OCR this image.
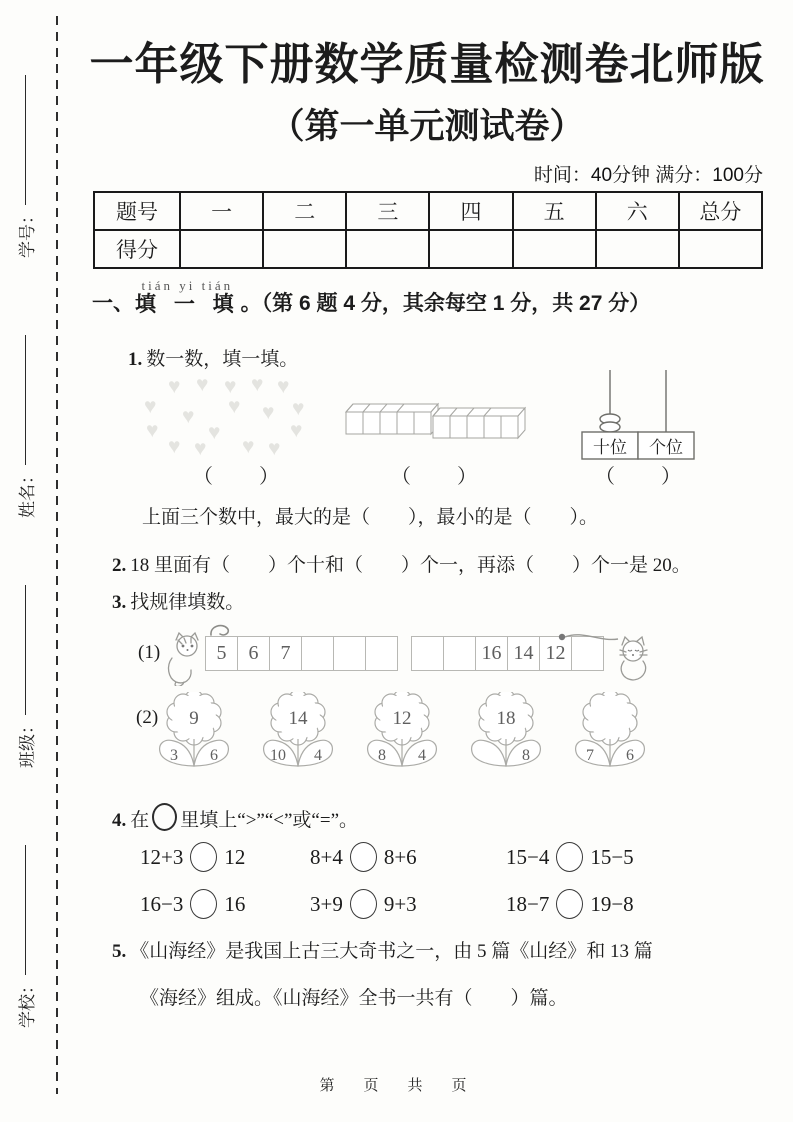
学号：
姓名：
班级：
学校：
一年级下册数学质量检测卷北师版
（第一单元测试卷）
时间：40分钟 满分：100分
题号	一	二	三	四	五	六	总分
得分							
一、
tián yi tián
填 一 填 。（第 6 题 4 分，其余每空 1 分，共 27 分）
1. 数一数，填一填。
♥ ♥ ♥ ♥ ♥
♥ ♥ ♥ ♥ ♥
♥ ♥	♥
♥ ♥ ♥ ♥	十位 个位
（　　）	（　　）	（　　）
上面三个数中，最大的是（　　），最小的是（　　）。
2. 18 里面有（　　）个十和（　　）个一，再添（　　）个一是 20。
3. 找规律填数。
(1)	5	6	7	16 14 12
(2) 9
3 6
14
10 4
12
8 4
18
8	7 6
4. 在 里填上“>”“<”或“=”。
12+3 12	8+4 8+6	15−4 15−5
16−3 16	3+9 9+3	18−7 19−8
5. 《山海经》是我国上古三大奇书之一，由 5 篇《山经》和 13 篇
《海经》组成。《山海经》全书一共有（　　）篇。
第　页　共　页
